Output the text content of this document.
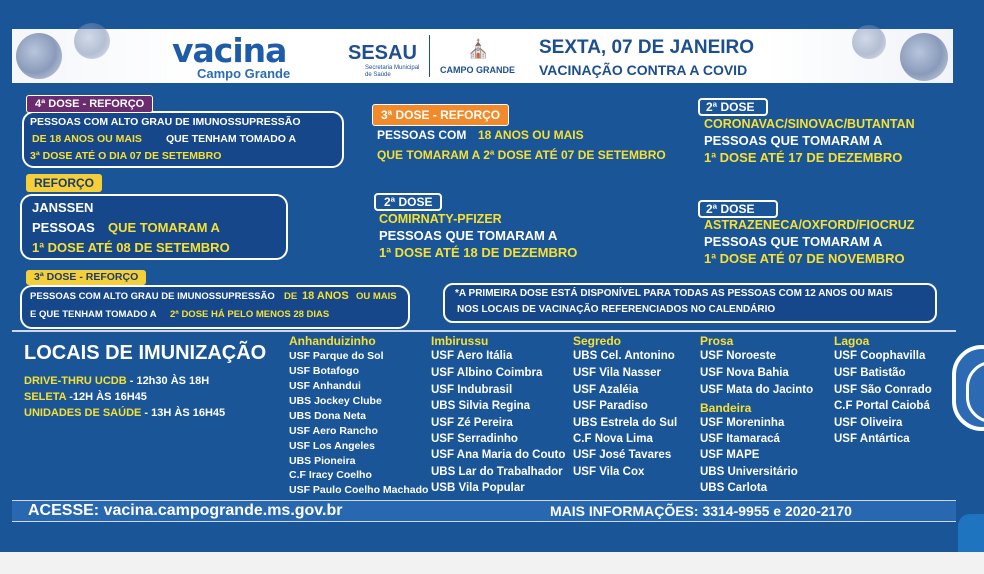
vacina
Campo Grande
SESAU
Secretaria Municipal de Saúde
⛪
CAMPO GRANDE
SEXTA, 07 DE JANEIRO
VACINAÇÃO CONTRA A COVID
PESSOAS COM ALTO GRAU DE IMUNOSSUPRESSÃO
DE 18 ANOS OU MAIS QUE TENHAM TOMADO A
3ª DOSE ATÉ O DIA 07 DE SETEMBRO
4ª DOSE - REFORÇO
JANSSEN
PESSOAS QUE TOMARAM A
1ª DOSE ATÉ 08 DE SETEMBRO
REFORÇO
PESSOAS COM ALTO GRAU DE IMUNOSSUPRESSÃO DE 18 ANOS OU MAIS
E QUE TENHAM TOMADO A 2ª DOSE HÁ PELO MENOS 28 DIAS
3ª DOSE - REFORÇO
3ª DOSE - REFORÇO
PESSOAS COM 18 ANOS OU MAIS
QUE TOMARAM A 2ª DOSE ATÉ 07 DE SETEMBRO
2ª DOSE
COMIRNATY-PFIZER
PESSOAS QUE TOMARAM A
1ª DOSE ATÉ 18 DE DEZEMBRO
2ª DOSE
CORONAVAC/SINOVAC/BUTANTAN
PESSOAS QUE TOMARAM A
1ª DOSE ATÉ 17 DE DEZEMBRO
2ª DOSE
ASTRAZENECA/OXFORD/FIOCRUZ
PESSOAS QUE TOMARAM A
1ª DOSE ATÉ 07 DE NOVEMBRO
*A PRIMEIRA DOSE ESTÁ DISPONÍVEL PARA TODAS AS PESSOAS COM 12 ANOS OU MAIS
NOS LOCAIS DE VACINAÇÃO REFERENCIADOS NO CALENDÁRIO
LOCAIS DE IMUNIZAÇÃO
DRIVE-THRU UCDB - 12h30 ÀS 18H
SELETA -12H ÀS 16H45
UNIDADES DE SAÚDE - 13H ÀS 16H45
Anhanduizinho
USF Parque do Sol
USF Botafogo
USF Anhandui
UBS Jockey Clube
UBS Dona Neta
USF Aero Rancho
USF Los Angeles
UBS Pioneira
C.F Iracy Coelho
USF Paulo Coelho Machado
Imbirussu
USF Aero Itália
USF Albino Coimbra
USF Indubrasil
UBS Silvia Regina
USF Zé Pereira
USF Serradinho
USF Ana Maria do Couto
UBS Lar do Trabalhador
USB Vila Popular
Segredo
UBS Cel. Antonino
USF Vila Nasser
USF Azaléia
USF Paradiso
UBS Estrela do Sul
C.F Nova Lima
USF José Tavares
USF Vila Cox
Prosa
USF Noroeste
USF Nova Bahia
USF Mata do Jacinto
Bandeira
USF Moreninha
USF Itamaracá
USF MAPE
UBS Universitário
UBS Carlota
Lagoa
USF Coophavilla
USF Batistão
USF São Conrado
C.F Portal Caiobá
USF Oliveira
USF Antártica
ACESSE: vacina.campogrande.ms.gov.br	MAIS INFORMAÇÕES: 3314-9955 e 2020-2170
